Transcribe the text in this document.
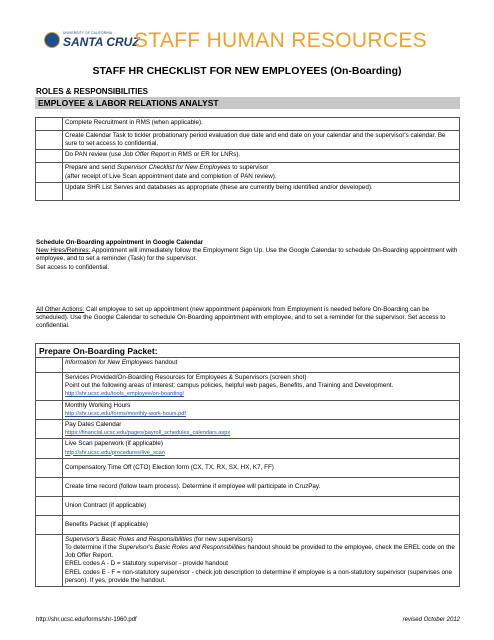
UNIVERSITY OF CALIFORNIA
SANTA CRUZ
STAFF HUMAN RESOURCES
STAFF HR CHECKLIST FOR NEW EMPLOYEES (On-Boarding)
ROLES & RESPONSIBILITIES
EMPLOYEE & LABOR RELATIONS ANALYST
	Complete Recruitment in RMS (when applicable).
	Create Calendar Task to tickler probationary period evaluation due date and end date on your calendar and the supervisor's calendar. Be sure to set access to confidential.
	Do PAN review (use Job Offer Report in RMS or ER for LNRs).
	Prepare and send Supervisor Checklist for New Employees to supervisor
(after receipt of Live Scan appointment date and completion of PAN review).
	Update SHR List Serves and databases as appropriate (these are currently being identified and/or developed).
Schedule On-Boarding appointment in Google Calendar
New Hires/Rehires: Appointment will immediately follow the Employment Sign Up. Use the Google Calendar to schedule On-Boarding appointment with employee, and to set a reminder (Task) for the supervisor.
Set access to confidential.
All Other Actions: Call employee to set up appointment (new appointment paperwork from Employment is needed before On-Boarding can be scheduled). Use the Google Calendar to schedule On-Boarding appointment with employee, and to set a reminder for the supervisor. Set access to confidential.
Prepare On-Boarding Packet:
	Information for New Employees handout
	Services Provided/On-Boarding Resources for Employees & Supervisors (screen shot)
Point out the following areas of interest: campus policies, helpful web pages, Benefits, and Training and Development. http://shr.ucsc.edu/tools_employee/on-boarding/
	Monthly Working Hours
http://shr.ucsc.edu/forms/monthly-work-hours.pdf
	Pay Dates Calendar
https://financial.ucsc.edu/pages/payroll_schedules_calendars.aspx
	Live Scan paperwork (if applicable)
http://shr.ucsc.edu/procedures/live_scan
	Compensatory Time Off (CTO) Election form (CX, TX, RX, SX, HX, K7, FF)
	Create time record (follow team process). Determine if employee will participate in CruzPay.
	Union Contract (if applicable)
	Benefits Packet (if applicable)
	Supervisor's Basic Roles and Responsibilities (for new supervisors)
To determine if the Supervisor's Basic Roles and Responsibilities handout should be provided to the employee, check the EREL code on the Job Offer Report.
EREL codes A - D = statutory supervisor - provide handout
EREL codes E - F = non-statutory supervisor - check job description to determine if employee is a non-statutory supervisor (supervises one person). If yes, provide the handout.
http://shr.ucsc.edu/forms/shr-1960.pdf	revised October 2012
